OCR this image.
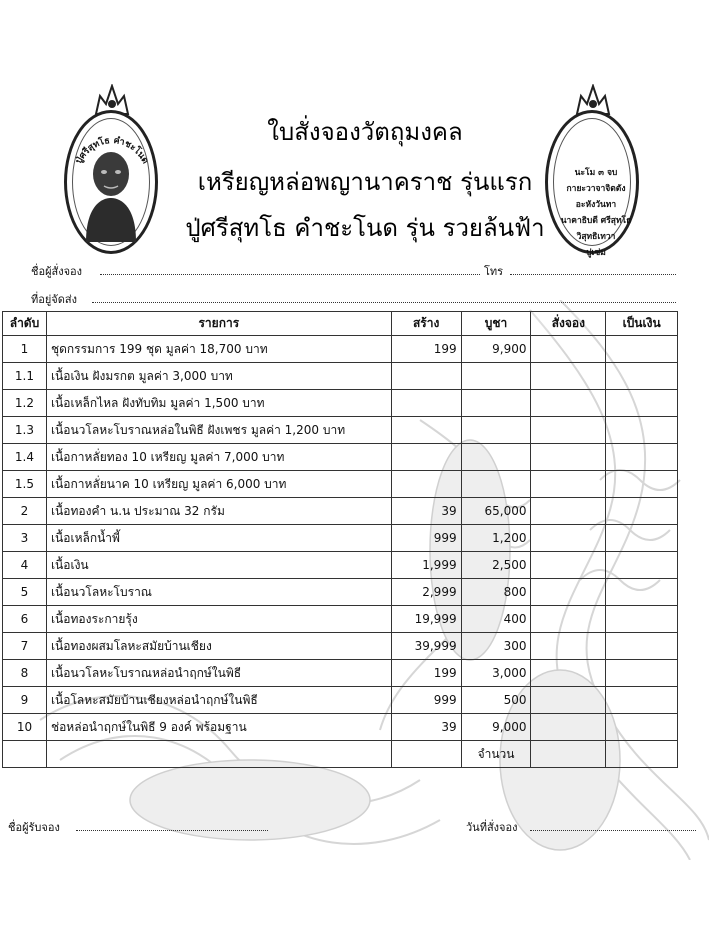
ปู่ศรีสุทโธ คำชะโนด
นะโม ๓ จบ
กายะวาจาจิตตัง
อะหังวันทา
นาคาธิบดี ศรีสุทโธ
วิสุทธิเทวา
ปูเซ่ม
ใบสั่งจองวัตถุมงคล
เหรียญหล่อพญานาคราช รุ่นแรก
ปู่ศรีสุทโธ คำชะโนด รุ่น รวยล้นฟ้า
ชื่อผู้สั่งจอง	โทร
ที่อยู่จัดส่ง
ลำดับ	รายการ	สร้าง	บูชา	สั่งจอง	เป็นเงิน
1	ชุดกรรมการ 199 ชุด มูลค่า 18,700 บาท	199	9,900		
1.1	เนื้อเงิน ฝังมรกต มูลค่า 3,000 บาท				
1.2	เนื้อเหล็กไหล ฝังทับทิม มูลค่า 1,500 บาท				
1.3	เนื้อนวโลหะโบราณหล่อในพิธี ฝังเพชร มูลค่า 1,200 บาท				
1.4	เนื้อกาหลั่ยทอง 10 เหรียญ มูลค่า 7,000 บาท				
1.5	เนื้อกาหลั่ยนาค 10 เหรียญ มูลค่า 6,000 บาท				
2	เนื้อทองคำ น.น ประมาณ 32 กรัม	39	65,000		
3	เนื้อเหล็กน้ำพี้	999	1,200		
4	เนื้อเงิน	1,999	2,500		
5	เนื้อนวโลหะโบราณ	2,999	800		
6	เนื้อทองระกายรุ้ง	19,999	400		
7	เนื้อทองผสมโลหะสมัยบ้านเชียง	39,999	300		
8	เนื้อนวโลหะโบราณหล่อนำฤกษ์ในพิธี	199	3,000		
9	เนื้อโลหะสมัยบ้านเชียงหล่อนำฤกษ์ในพิธี	999	500		
10	ช่อหล่อนำฤกษ์ในพิธี 9 องค์ พร้อมฐาน	39	9,000		
			จำนวน		
ชื่อผู้รับจอง	วันที่สั่งจอง
